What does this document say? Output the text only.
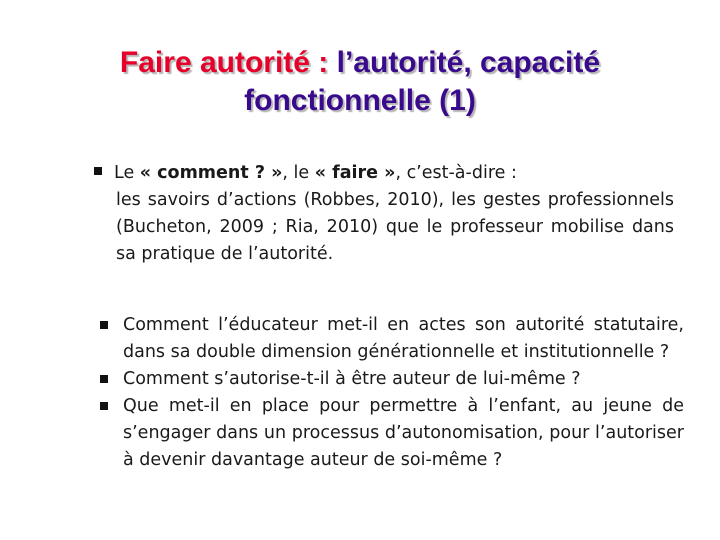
Faire autorité : l’autorité, capacité
fonctionnelle (1)
Le « comment ? », le « faire », c’est-à-dire :
les savoirs d’actions (Robbes, 2010), les gestes professionnels (Bucheton, 2009 ; Ria, 2010) que le professeur mobilise dans sa pratique de l’autorité.
Comment l’éducateur met-il en actes son autorité statutaire, dans sa double dimension générationnelle et institutionnelle ?
Comment s’autorise-t-il à être auteur de lui-même ?
Que met-il en place pour permettre à l’enfant, au jeune de s’engager dans un processus d’autonomisation, pour l’autoriser à devenir davantage auteur de soi-même ?
